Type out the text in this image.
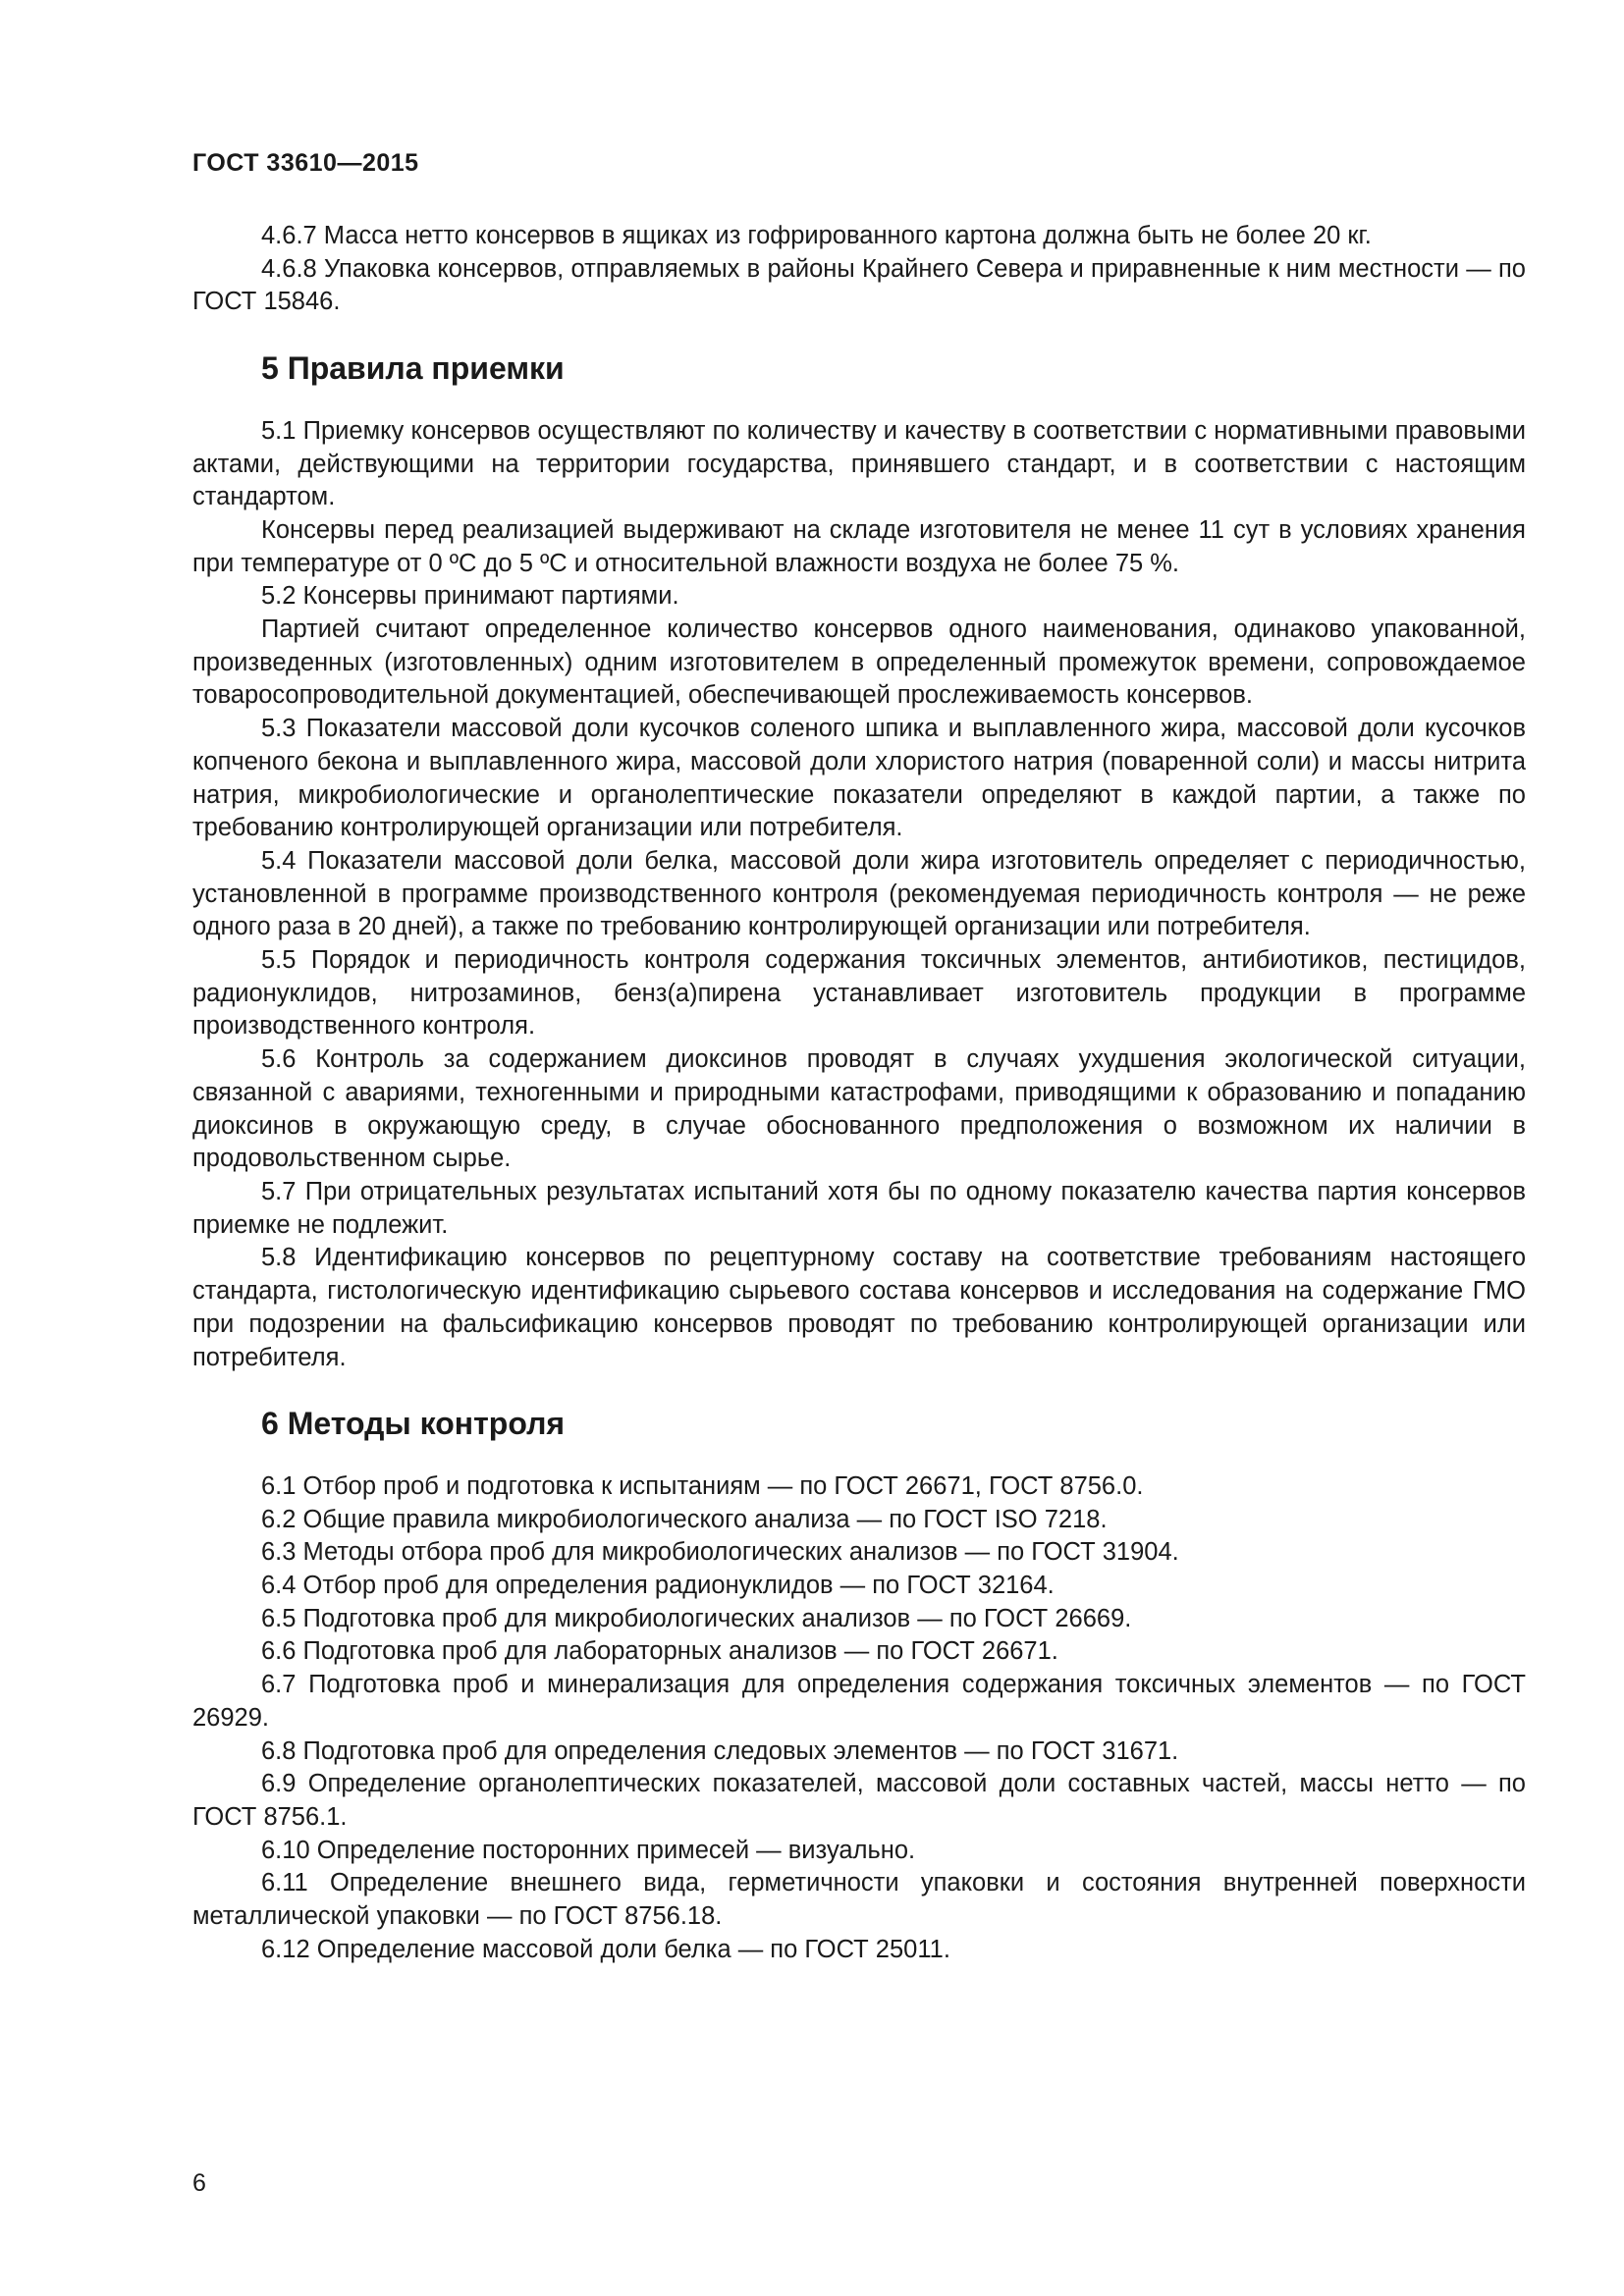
ГОСТ 33610—2015

4.6.7 Масса нетто консервов в ящиках из гофрированного картона должна быть не более 20 кг.

4.6.8 Упаковка консервов, отправляемых в районы Крайнего Севера и приравненные к ним местности — по ГОСТ 15846.

5 Правила приемки

5.1 Приемку консервов осуществляют по количеству и качеству в соответствии с нормативными правовыми актами, действующими на территории государства, принявшего стандарт, и в соответствии с настоящим стандартом.

Консервы перед реализацией выдерживают на складе изготовителя не менее 11 сут в условиях хранения при температуре от 0 ºС до 5 ºС и относительной влажности воздуха не более 75 %.

5.2 Консервы принимают партиями.

Партией считают определенное количество консервов одного наименования, одинаково упакованной, произведенных (изготовленных) одним изготовителем в определенный промежуток времени, сопровождаемое товаросопроводительной документацией, обеспечивающей прослеживаемость консервов.

5.3 Показатели массовой доли кусочков соленого шпика и выплавленного жира, массовой доли кусочков копченого бекона и выплавленного жира, массовой доли хлористого натрия (поваренной соли) и массы нитрита натрия, микробиологические и органолептические показатели определяют в каждой партии, а также по требованию контролирующей организации или потребителя.

5.4 Показатели массовой доли белка, массовой доли жира изготовитель определяет с периодичностью, установленной в программе производственного контроля (рекомендуемая периодичность контроля — не реже одного раза в 20 дней), а также по требованию контролирующей организации или потребителя.

5.5 Порядок и периодичность контроля содержания токсичных элементов, антибиотиков, пестицидов, радионуклидов, нитрозаминов, бенз(а)пирена устанавливает изготовитель продукции в программе производственного контроля.

5.6 Контроль за содержанием диоксинов проводят в случаях ухудшения экологической ситуации, связанной с авариями, техногенными и природными катастрофами, приводящими к образованию и попаданию диоксинов в окружающую среду, в случае обоснованного предположения о возможном их наличии в продовольственном сырье.

5.7 При отрицательных результатах испытаний хотя бы по одному показателю качества партия консервов приемке не подлежит.

5.8 Идентификацию консервов по рецептурному составу на соответствие требованиям настоящего стандарта, гистологическую идентификацию сырьевого состава консервов и исследования на содержание ГМО при подозрении на фальсификацию консервов проводят по требованию контролирующей организации или потребителя.

6 Методы контроля

6.1 Отбор проб и подготовка к испытаниям — по ГОСТ 26671, ГОСТ 8756.0.

6.2 Общие правила микробиологического анализа — по ГОСТ ISO 7218.

6.3 Методы отбора проб для микробиологических анализов — по ГОСТ 31904.

6.4 Отбор проб для определения радионуклидов — по ГОСТ 32164.

6.5 Подготовка проб для микробиологических анализов — по ГОСТ 26669.

6.6 Подготовка проб для лабораторных анализов — по ГОСТ 26671.

6.7 Подготовка проб и минерализация для определения содержания токсичных элементов — по ГОСТ 26929.

6.8 Подготовка проб для определения следовых элементов — по ГОСТ 31671.

6.9 Определение органолептических показателей, массовой доли составных частей, массы нетто — по ГОСТ 8756.1.

6.10 Определение посторонних примесей — визуально.

6.11 Определение внешнего вида, герметичности упаковки и состояния внутренней поверхности металлической упаковки — по ГОСТ 8756.18.

6.12 Определение массовой доли белка — по ГОСТ 25011.

6
